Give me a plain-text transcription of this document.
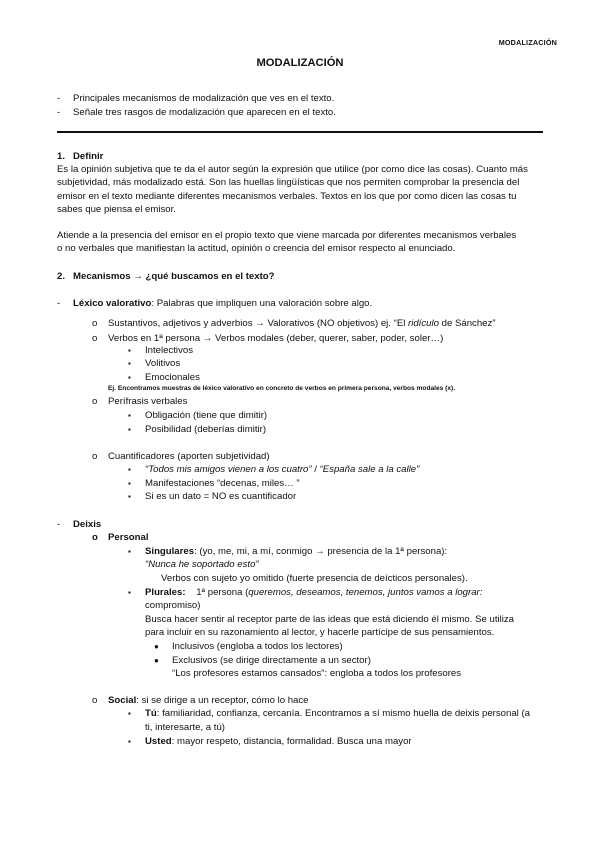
MODALIZACIÓN
MODALIZACIÓN
- Principales mecanismos de modalización que ves en el texto.
- Señale tres rasgos de modalización que aparecen en el texto.
1. Definir
Es la opinión subjetiva que te da el autor según la expresión que utilice (por como dice las cosas). Cuanto más
subjetividad, más modalizado está. Son las huellas lingüísticas que nos permiten comprobar la presencia del
emisor en el texto mediante diferentes mecanismos verbales. Textos en los que por como dicen las cosas tu
sabes que piensa el emisor.
Atiende a la presencia del emisor en el propio texto que viene marcada por diferentes mecanismos verbales
o no verbales que manifiestan la actitud, opinión o creencia del emisor respecto al enunciado.
2. Mecanismos → ¿qué buscamos en el texto?
- Léxico valorativo: Palabras que impliquen una valoración sobre algo.
o Sustantivos, adjetivos y adverbios → Valorativos (NO objetivos) ej. “El ridículo de Sánchez”
o Verbos en 1ª persona → Verbos modales (deber, querer, saber, poder, soler…)
▪ Intelectivos
▪ Volitivos
▪ Emocionales
Ej. Encontramos muestras de léxico valorativo en concreto de verbos en primera persona, verbos modales (x).
o Perífrasis verbales
▪ Obligación (tiene que dimitir)
▪ Posibilidad (deberías dimitir)
o Cuantificadores (aporten subjetividad)
▪ “Todos mis amigos vienen a los cuatro” / “España sale a la calle”
▪ Manifestaciones “decenas, miles… ”
▪ Si es un dato = NO es cuantificador
- Deixis
o Personal
▪ Singulares: (yo, me, mi, a mí, conmigo → presencia de la 1ª persona):
“Nunca he soportado esto”
Verbos con sujeto yo omitido (fuerte presencia de deícticos personales).
▪ Plurales: 1ª persona (queremos, deseamos, tenemos, juntos vamos a lograr:
compromiso)
Busca hacer sentir al receptor parte de las ideas que está diciendo él mismo. Se utiliza
para incluir en su razonamiento al lector, y hacerle partícipe de sus pensamientos.
● Inclusivos (engloba a todos los lectores)
● Exclusivos (se dirige directamente a un sector)
“Los profesores estamos cansados”: engloba a todos los profesores
o Social: si se dirige a un receptor, cómo lo hace
▪ Tú: familiaridad, confianza, cercanía. Encontramos a sí mismo huella de deixis personal (a
ti, interesarte, a tú)
▪ Usted: mayor respeto, distancia, formalidad. Busca una mayor
